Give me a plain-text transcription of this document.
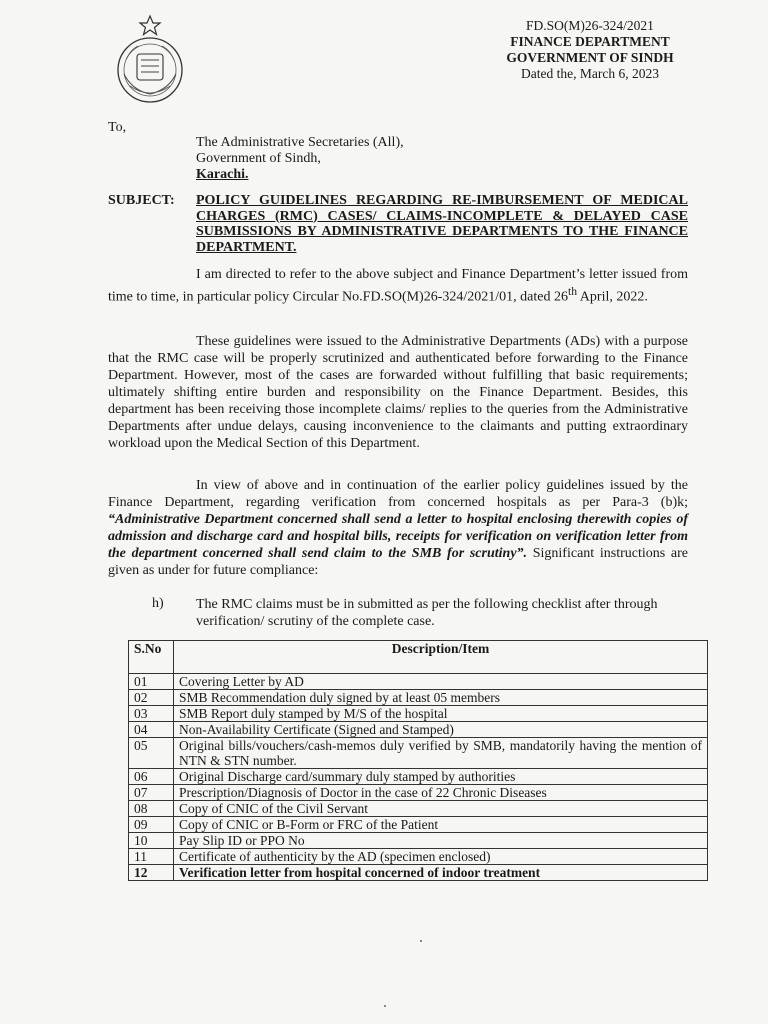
FD.SO(M)26-324/2021
FINANCE DEPARTMENT
GOVERNMENT OF SINDH
Dated the, March 6, 2023
To,
The Administrative Secretaries (All),
Government of Sindh,
Karachi.
SUBJECT: POLICY GUIDELINES REGARDING RE-IMBURSEMENT OF MEDICAL CHARGES (RMC) CASES/ CLAIMS-INCOMPLETE & DELAYED CASE SUBMISSIONS BY ADMINISTRATIVE DEPARTMENTS TO THE FINANCE DEPARTMENT.
I am directed to refer to the above subject and Finance Department’s letter issued from time to time, in particular policy Circular No.FD.SO(M)26-324/2021/01, dated 26th April, 2022.
These guidelines were issued to the Administrative Departments (ADs) with a purpose that the RMC case will be properly scrutinized and authenticated before forwarding to the Finance Department. However, most of the cases are forwarded without fulfilling that basic requirements; ultimately shifting entire burden and responsibility on the Finance Department. Besides, this department has been receiving those incomplete claims/ replies to the queries from the Administrative Departments after undue delays, causing inconvenience to the claimants and putting extraordinary workload upon the Medical Section of this Department.
In view of above and in continuation of the earlier policy guidelines issued by the Finance Department, regarding verification from concerned hospitals as per Para-3 (b)k; “Administrative Department concerned shall send a letter to hospital enclosing therewith copies of admission and discharge card and hospital bills, receipts for verification on verification letter from the department concerned shall send claim to the SMB for scrutiny”. Significant instructions are given as under for future compliance:
h) The RMC claims must be in submitted as per the following checklist after through verification/ scrutiny of the complete case.
S.No	Description/Item
01	Covering Letter by AD
02	SMB Recommendation duly signed by at least 05 members
03	SMB Report duly stamped by M/S of the hospital
04	Non-Availability Certificate (Signed and Stamped)
05	Original bills/vouchers/cash-memos duly verified by SMB, mandatorily having the mention of NTN & STN number.
06	Original Discharge card/summary duly stamped by authorities
07	Prescription/Diagnosis of Doctor in the case of 22 Chronic Diseases
08	Copy of CNIC of the Civil Servant
09	Copy of CNIC or B-Form or FRC of the Patient
10	Pay Slip ID or PPO No
11	Certificate of authenticity by the AD (specimen enclosed)
12	Verification letter from hospital concerned of indoor treatment
